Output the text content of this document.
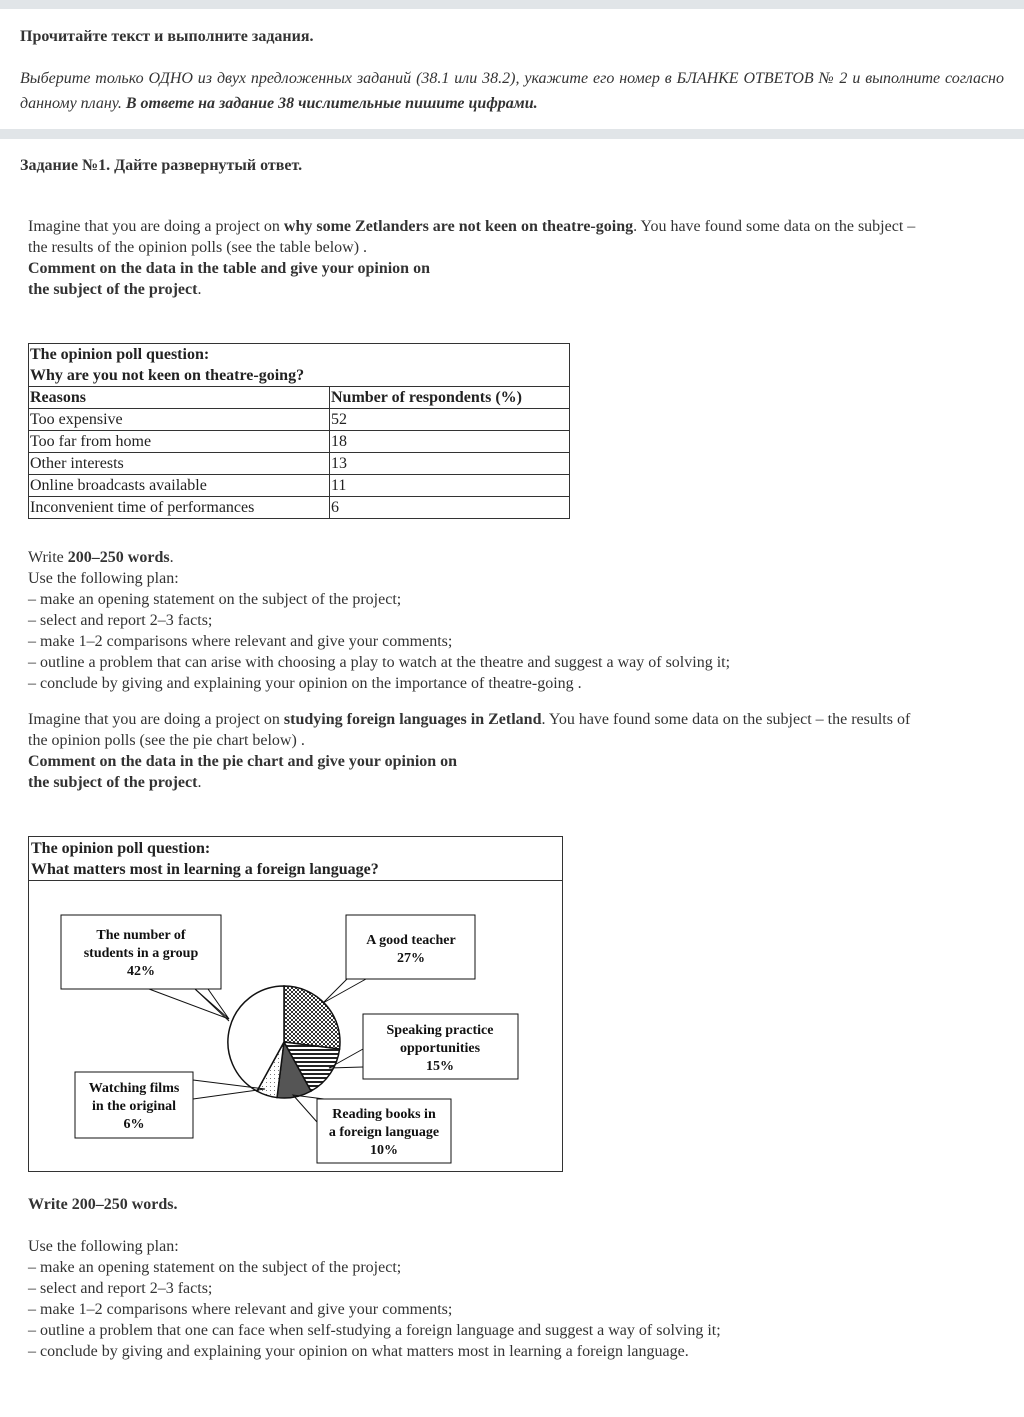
Прочитайте текст и выполните задания.
Выберите только ОДНО из двух предложенных заданий (38.1 или 38.2), укажите его номер в БЛАНКЕ ОТВЕТОВ № 2 и выполните согласно данному плану. В ответе на задание 38 числительные пишите цифрами.
Задание №1. Дайте развернутый ответ.
Imagine that you are doing a project on why some Zetlanders are not keen on theatre-going. You have found some data on the subject –
the results of the opinion polls (see the table below) .
Comment on the data in the table and give your opinion on
the subject of the project.
The opinion poll question:
Why are you not keen on theatre-going?	
Reasons	Number of respondents (%)
Too expensive	52
Too far from home	18
Other interests	13
Online broadcasts available	11
Inconvenient time of performances	6
Write 200–250 words.
Use the following plan:
– make an opening statement on the subject of the project;
– select and report 2–3 facts;
– make 1–2 comparisons where relevant and give your comments;
– outline a problem that can arise with choosing a play to watch at the theatre and suggest a way of solving it;
– conclude by giving and explaining your opinion on the importance of theatre-going .
Imagine that you are doing a project on studying foreign languages in Zetland. You have found some data on the subject – the results of
the opinion polls (see the pie chart below) .
Comment on the data in the pie chart and give your opinion on
the subject of the project.
The opinion poll question:
What matters most in learning a foreign language?
The number of
students in a group
42%
A good teacher
27%
Speaking practice
opportunities
15%
Reading books in
a foreign language
10%
Watching films
in the original
6%
Write 200–250 words.
Use the following plan:
– make an opening statement on the subject of the project;
– select and report 2–3 facts;
– make 1–2 comparisons where relevant and give your comments;
– outline a problem that one can face when self-studying a foreign language and suggest a way of solving it;
– conclude by giving and explaining your opinion on what matters most in learning a foreign language.
